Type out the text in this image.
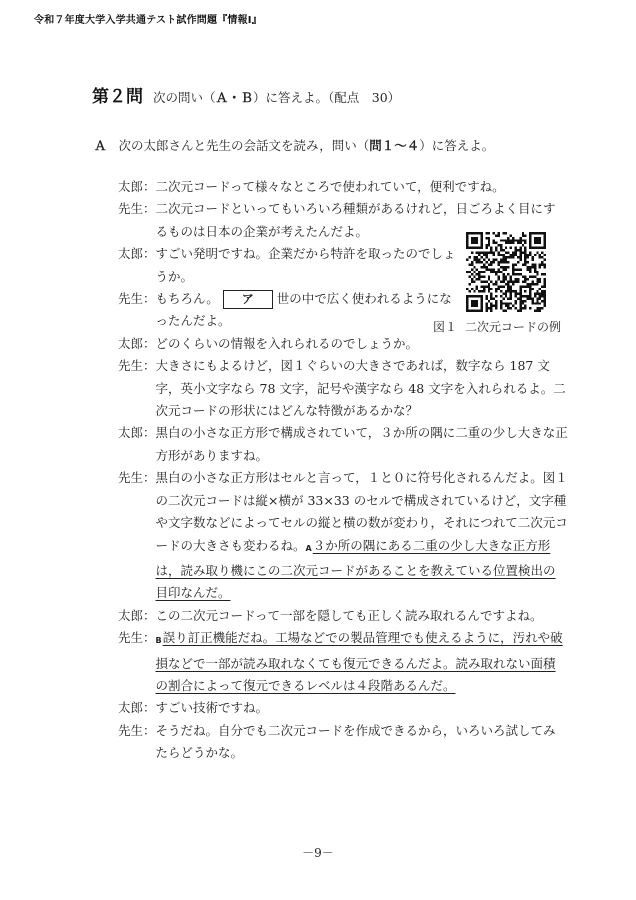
令和７年度大学入学共通テスト試作問題『情報Ⅰ』
第２問 次の問い（Ａ・Ｂ）に答えよ。（配点　30）
Ａ 次の太郎さんと先生の会話文を読み，問い（問１～４）に答えよ。
太郎： 二次元コードって様々なところで使われていて，便利ですね。
先生： 二次元コードといってもいろいろ種類があるけれど，日ごろよく目にするものは日本の企業が考えたんだよ。
太郎： すごい発明ですね。企業だから特許を取ったのでしょうか。
先生： もちろん。 ア 世の中で広く使われるようになったんだよ。
太郎： どのくらいの情報を入れられるのでしょうか。
先生： 大きさにもよるけど，図１ぐらいの大きさであれば，数字なら 187 文字，英小文字なら 78 文字，記号や漢字なら 48 文字を入れられるよ。二次元コードの形状にはどんな特徴があるかな？
太郎： 黒白の小さな正方形で構成されていて，３か所の隅に二重の少し大きな正方形がありますね。
先生： 黒白の小さな正方形はセルと言って，１と０に符号化されるんだよ。図１の二次元コードは縦×横が 33×33 のセルで構成されているけど，文字種や文字数などによってセルの縦と横の数が変わり，それにつれて二次元コードの大きさも変わるね。A３か所の隅にある二重の少し大きな正方形は，読み取り機にこの二次元コードがあることを教えている位置検出の目印なんだ。
太郎： この二次元コードって一部を隠しても正しく読み取れるんですよね。
先生： B誤り訂正機能だね。工場などでの製品管理でも使えるように，汚れや破損などで一部が読み取れなくても復元できるんだよ。読み取れない面積の割合によって復元できるレベルは４段階あるんだ。
太郎： すごい技術ですね。
先生： そうだね。自分でも二次元コードを作成できるから，いろいろ試してみたらどうかな。
図１ 二次元コードの例
－9－
